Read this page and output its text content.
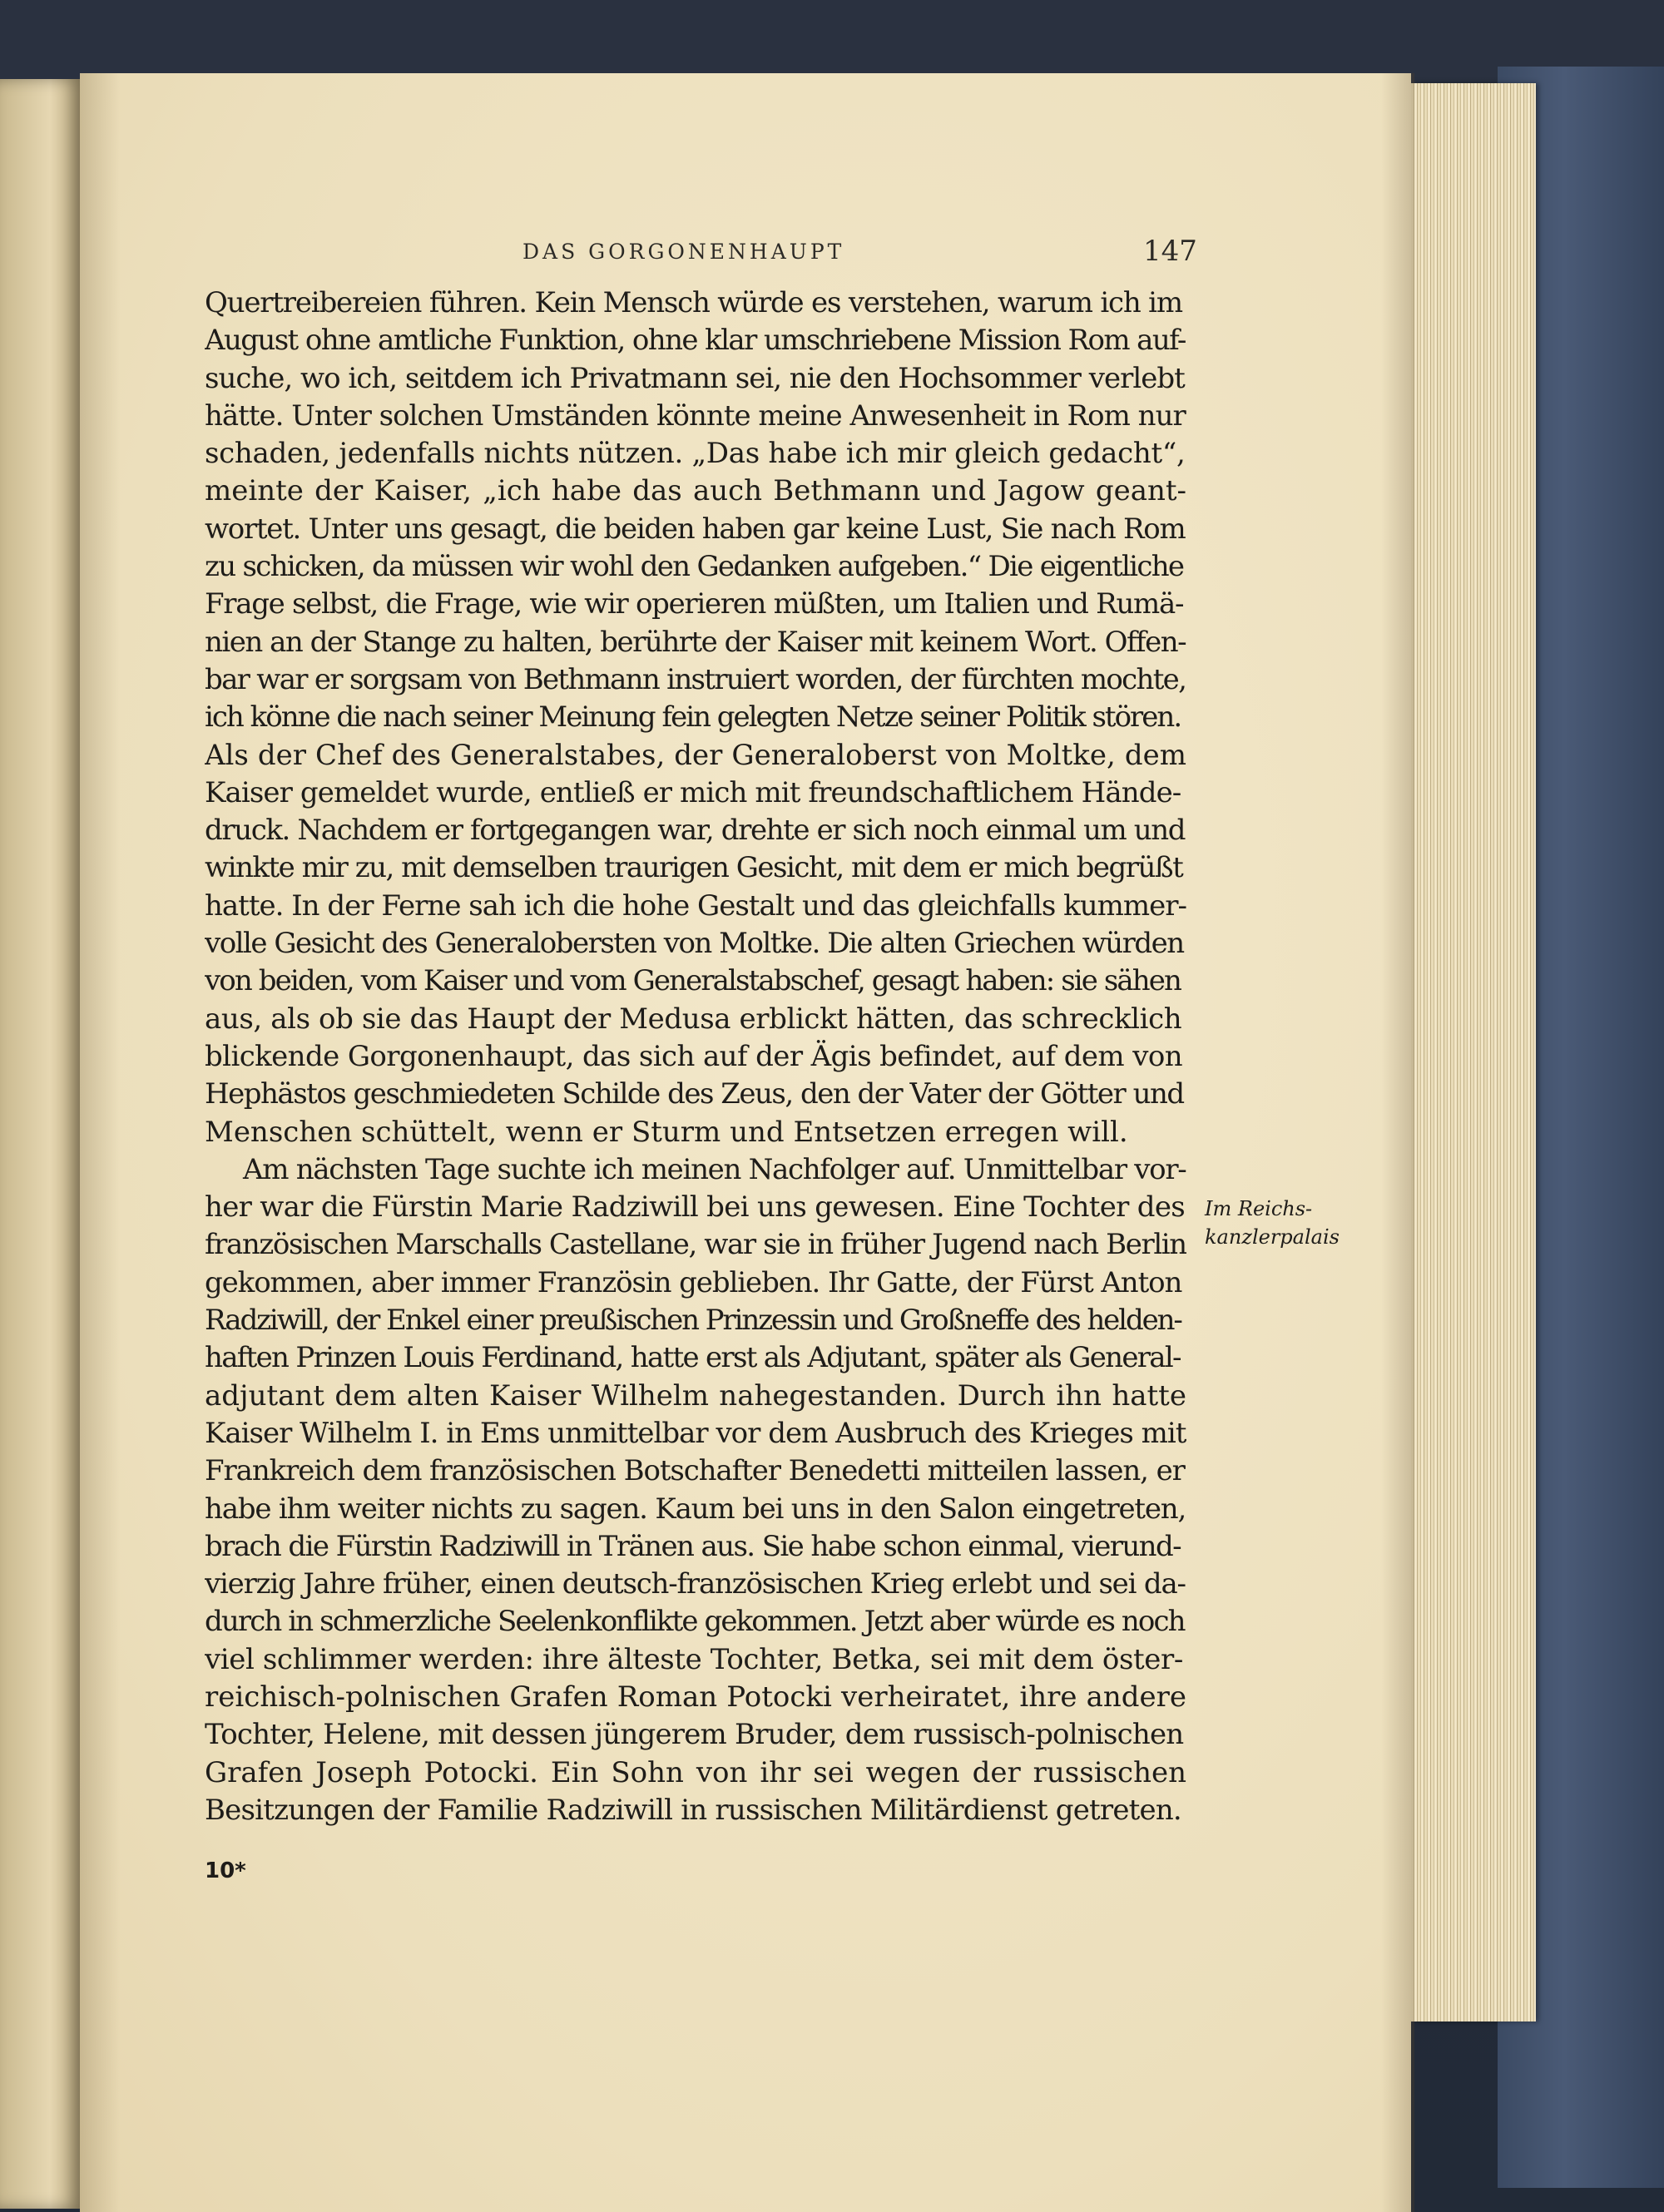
DAS GORGONENHAUPT	147
Quertreibereien führen. Kein Mensch würde es verstehen, warum ich im
August ohne amtliche Funktion, ohne klar umschriebene Mission Rom auf-
suche, wo ich, seitdem ich Privatmann sei, nie den Hochsommer verlebt
hätte. Unter solchen Umständen könnte meine Anwesenheit in Rom nur
schaden, jedenfalls nichts nützen. „Das habe ich mir gleich gedacht“,
meinte der Kaiser, „ich habe das auch Bethmann und Jagow geant-
wortet. Unter uns gesagt, die beiden haben gar keine Lust, Sie nach Rom
zu schicken, da müssen wir wohl den Gedanken aufgeben.“ Die eigentliche
Frage selbst, die Frage, wie wir operieren müßten, um Italien und Rumä-
nien an der Stange zu halten, berührte der Kaiser mit keinem Wort. Offen-
bar war er sorgsam von Bethmann instruiert worden, der fürchten mochte,
ich könne die nach seiner Meinung fein gelegten Netze seiner Politik stören.
Als der Chef des Generalstabes, der Generaloberst von Moltke, dem
Kaiser gemeldet wurde, entließ er mich mit freundschaftlichem Hände-
druck. Nachdem er fortgegangen war, drehte er sich noch einmal um und
winkte mir zu, mit demselben traurigen Gesicht, mit dem er mich begrüßt
hatte. In der Ferne sah ich die hohe Gestalt und das gleichfalls kummer-
volle Gesicht des Generalobersten von Moltke. Die alten Griechen würden
von beiden, vom Kaiser und vom Generalstabschef, gesagt haben: sie sähen
aus, als ob sie das Haupt der Medusa erblickt hätten, das schrecklich
blickende Gorgonenhaupt, das sich auf der Ägis befindet, auf dem von
Hephästos geschmiedeten Schilde des Zeus, den der Vater der Götter und
Menschen schüttelt, wenn er Sturm und Entsetzen erregen will.
Am nächsten Tage suchte ich meinen Nachfolger auf. Unmittelbar vor-
her war die Fürstin Marie Radziwill bei uns gewesen. Eine Tochter des
französischen Marschalls Castellane, war sie in früher Jugend nach Berlin
gekommen, aber immer Französin geblieben. Ihr Gatte, der Fürst Anton
Radziwill, der Enkel einer preußischen Prinzessin und Großneffe des helden-
haften Prinzen Louis Ferdinand, hatte erst als Adjutant, später als General-
adjutant dem alten Kaiser Wilhelm nahegestanden. Durch ihn hatte
Kaiser Wilhelm I. in Ems unmittelbar vor dem Ausbruch des Krieges mit
Frankreich dem französischen Botschafter Benedetti mitteilen lassen, er
habe ihm weiter nichts zu sagen. Kaum bei uns in den Salon eingetreten,
brach die Fürstin Radziwill in Tränen aus. Sie habe schon einmal, vierund-
vierzig Jahre früher, einen deutsch-französischen Krieg erlebt und sei da-
durch in schmerzliche Seelenkonflikte gekommen. Jetzt aber würde es noch
viel schlimmer werden: ihre älteste Tochter, Betka, sei mit dem öster-
reichisch-polnischen Grafen Roman Potocki verheiratet, ihre andere
Tochter, Helene, mit dessen jüngerem Bruder, dem russisch-polnischen
Grafen Joseph Potocki. Ein Sohn von ihr sei wegen der russischen
Besitzungen der Familie Radziwill in russischen Militärdienst getreten.
Im Reichs-
kanzlerpalais
10*
